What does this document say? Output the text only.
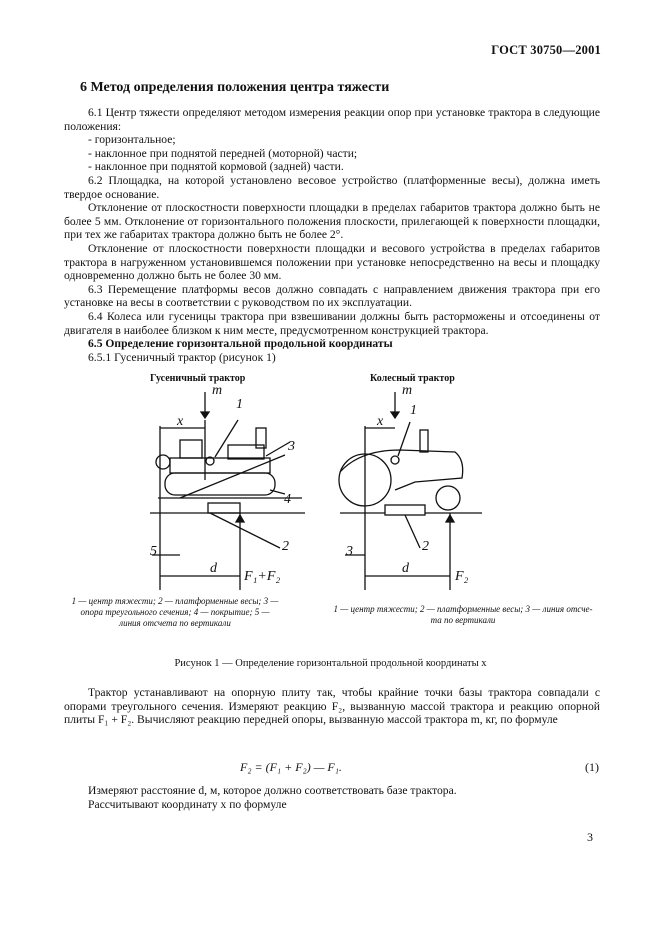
ГОСТ 30750—2001
6 Метод определения положения центра тяжести

6.1 Центр тяжести определяют методом измерения реакции опор при установке трактора в следующие положения:

- горизонтальное;

- наклонное при поднятой передней (моторной) части;

- наклонное при поднятой кормовой (задней) части.

6.2 Площадка, на которой установлено весовое устройство (платформенные весы), должна иметь твердое основание.

Отклонение от плоскостности поверхности площадки в пределах габаритов трактора должно быть не более 5 мм. Отклонение от горизонтального положения плоскости, прилегающей к поверхности площадки, при тех же габаритах трактора должно быть не более 2°.

Отклонение от плоскостности поверхности площадки и весового устройства в пределах габаритов трактора в нагруженном установившемся положении при установке непосредственно на весы и площадку одновременно должно быть не более 30 мм.

6.3 Перемещение платформы весов должно совпадать с направлением движения трактора при его установке на весы в соответствии с руководством по их эксплуатации.

6.4 Колеса или гусеницы трактора при взвешивании должны быть расторможены и отсоединены от двигателя в наиболее близком к ним месте, предусмотренном конструкцией трактора.

6.5 Определение горизонтальной продольной координаты

6.5.1 Гусеничный трактор (рисунок 1)

Гусеничный трактор	Колесный трактор
m
x
1
3
4
2
5
d
F₁+F₂
m
x
1
2
3
d
F₂
1 — центр тяжести; 2 — платформенные весы; 3 —
опора треугольного сечения; 4 — покрытие; 5 —
линия отсчета по вертикали
1 — центр тяжести; 2 — платформенные весы; 3 — линия отсче-
та по вертикали
Рисунок 1 — Определение горизонтальной продольной координаты x

Трактор устанавливают на опорную плиту так, чтобы крайние точки базы трактора совпадали с опорами треугольного сечения. Измеряют реакцию F₂, вызванную массой трактора и реакцию опорной плиты F₁ + F₂. Вычисляют реакцию передней опоры, вызванную массой трактора m, кг, по формуле

F₂ = (F₁ + F₂) — F₁.	(1)

Измеряют расстояние d, м, которое должно соответствовать базе трактора.

Рассчитывают координату x по формуле

3
